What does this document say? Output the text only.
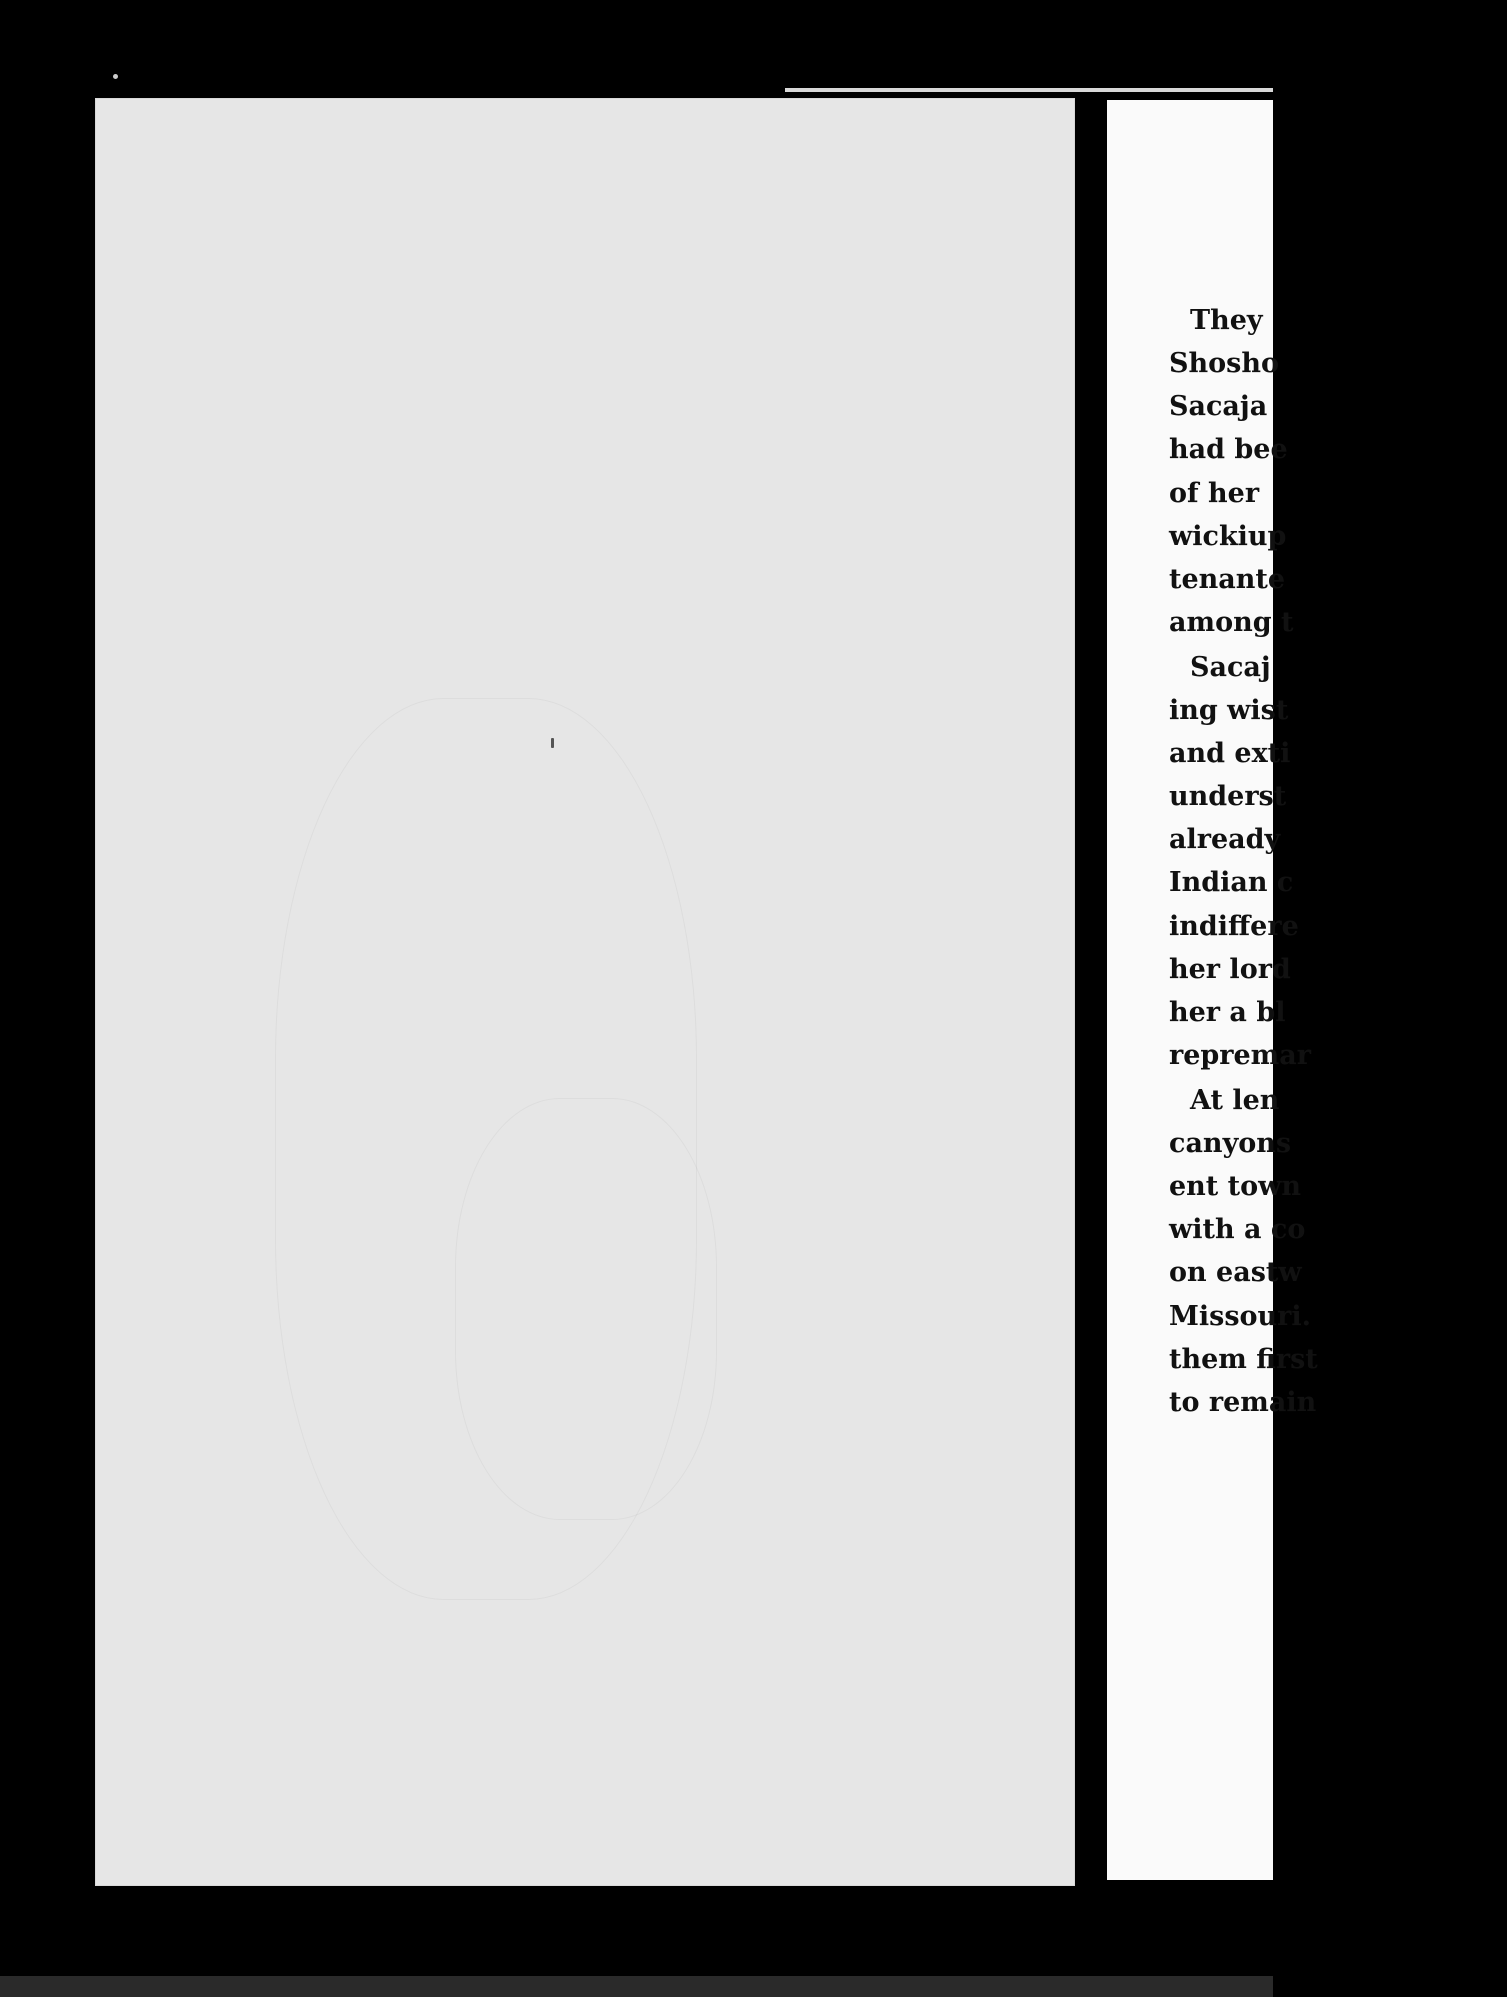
They
Shosho
Sacaja
had bee
of her
wickiup
tenante
among t
Sacaj
ing wist
and exti
underst
already
Indian c
indiffere
her lord
her a bl
repremar
At len
canyons
ent town
with a co
on eastw
Missouri.
them first
to remain
